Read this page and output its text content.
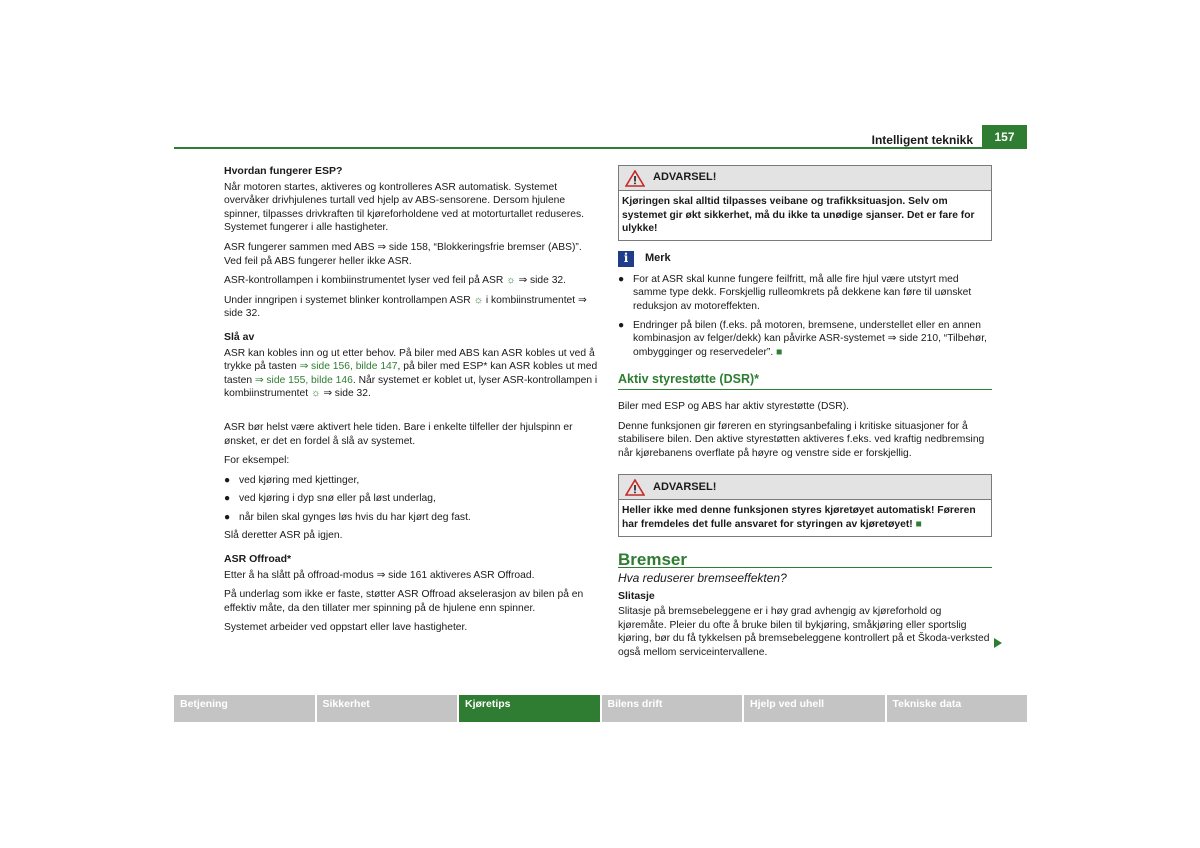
Intelligent teknikk	157
Hvordan fungerer ESP?

Når motoren startes, aktiveres og kontrolleres ASR automatisk. Systemet overvåker drivhjulenes turtall ved hjelp av ABS-sensorene. Dersom hjulene spinner, tilpasses drivkraften til kjøreforholdene ved at motorturtallet reduseres. Systemet fungerer i alle hastigheter.

ASR fungerer sammen med ABS ⇒ side 158, “Blokkeringsfrie bremser (ABS)”. Ved feil på ABS fungerer heller ikke ASR.

ASR-kontrollampen i kombiinstrumentet lyser ved feil på ASR ☼ ⇒ side 32.

Under inngripen i systemet blinker kontrollampen ASR ☼ i kombiinstrumentet ⇒ side 32.

Slå av

ASR kan kobles inn og ut etter behov. På biler med ABS kan ASR kobles ut ved å trykke på tasten ⇒ side 156, bilde 147, på biler med ESP* kan ASR kobles ut med tasten ⇒ side 155, bilde 146. Når systemet er koblet ut, lyser ASR-kontrollampen i kombiinstrumentet ☼ ⇒ side 32.

ASR bør helst være aktivert hele tiden. Bare i enkelte tilfeller der hjulspinn er ønsket, er det en fordel å slå av systemet.

For eksempel:

● ved kjøring med kjettinger,
● ved kjøring i dyp snø eller på løst underlag,
● når bilen skal gynges løs hvis du har kjørt deg fast.

Slå deretter ASR på igjen.

ASR Offroad*

Etter å ha slått på offroad-modus ⇒ side 161 aktiveres ASR Offroad.

På underlag som ikke er faste, støtter ASR Offroad akselerasjon av bilen på en effektiv måte, da den tillater mer spinning på de hjulene enn spinner.

Systemet arbeider ved oppstart eller lave hastigheter.

ADVARSEL!
Kjøringen skal alltid tilpasses veibane og trafikksituasjon. Selv om systemet gir økt sikkerhet, må du ikke ta unødige sjanser. Det er fare for ulykke!
i	Merk
● For at ASR skal kunne fungere feilfritt, må alle fire hjul være utstyrt med samme type dekk. Forskjellig rulleomkrets på dekkene kan føre til uønsket reduksjon av motoreffekten.
● Endringer på bilen (f.eks. på motoren, bremsene, understellet eller en annen kombinasjon av felger/dekk) kan påvirke ASR-systemet ⇒ side 210, “Tilbehør, ombygginger og reservedeler”. ■
Aktiv styrestøtte (DSR)*

Biler med ESP og ABS har aktiv styrestøtte (DSR).

Denne funksjonen gir føreren en styringsanbefaling i kritiske situasjoner for å stabilisere bilen. Den aktive styrestøtten aktiveres f.eks. ved kraftig nedbremsing når kjørebanens overflate på høyre og venstre side er forskjellig.

ADVARSEL!
Heller ikke med denne funksjonen styres kjøretøyet automatisk! Føreren har fremdeles det fulle ansvaret for styringen av kjøretøyet! ■
Bremser
Hva reduserer bremseeffekten?
Slitasje

Slitasje på bremsebeleggene er i høy grad avhengig av kjøreforhold og kjøremåte. Pleier du ofte å bruke bilen til bykjøring, småkjøring eller sportslig kjøring, bør du få tykkelsen på bremsebeleggene kontrollert på et Škoda-verksted også mellom serviceintervallene.

Betjening	Sikkerhet	Kjøretips	Bilens drift	Hjelp ved uhell	Tekniske data
